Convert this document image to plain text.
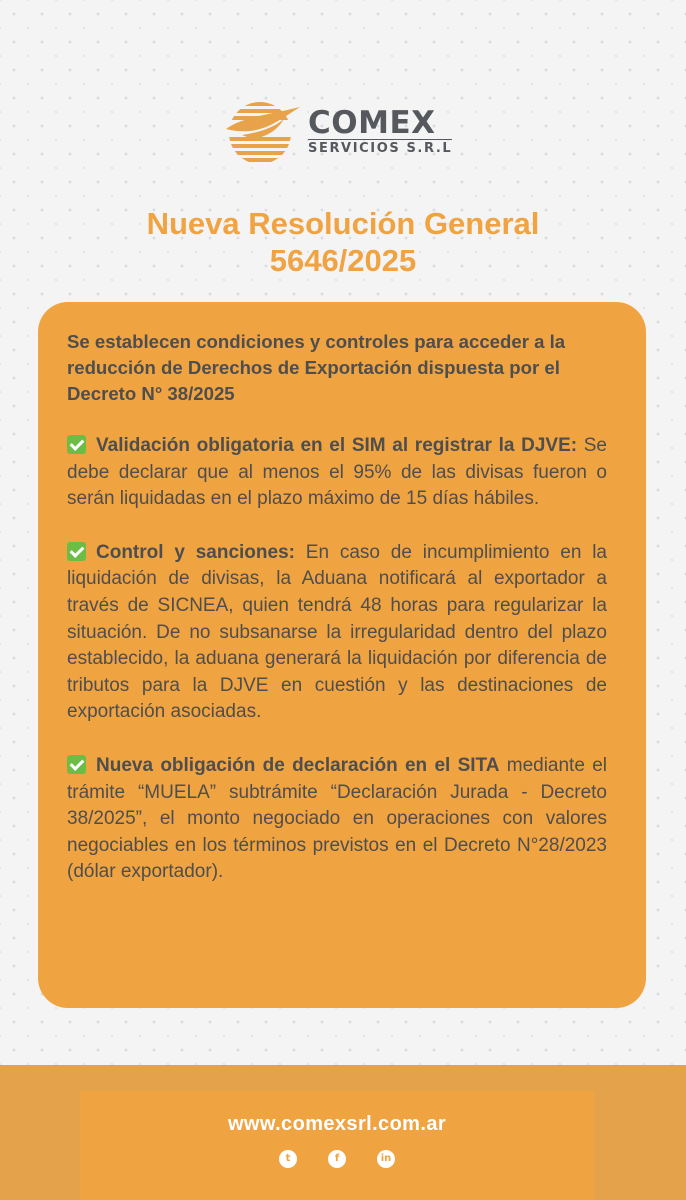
COMEX
SERVICIOS S.R.L
Nueva Resolución General
5646/2025

Se establecen condiciones y controles para acceder a la reducción de Derechos de Exportación dispuesta por el Decreto N° 38/2025

Validación obligatoria en el SIM al registrar la DJVE: Se debe declarar que al menos el 95% de las divisas fueron o serán liquidadas en el plazo máximo de 15 días hábiles.

Control y sanciones: En caso de incumplimiento en la liquidación de divisas, la Aduana notificará al exportador a través de SICNEA, quien tendrá 48 horas para regularizar la situación. De no subsanarse la irregularidad dentro del plazo establecido, la aduana generará la liquidación por diferencia de tributos para la DJVE en cuestión y las destinaciones de exportación asociadas.

Nueva obligación de declaración en el SITA mediante el trámite “MUELA” subtrámite “Declaración Jurada - Decreto 38/2025”, el monto negociado en operaciones con valores negociables en los términos previstos en el Decreto N°28/2023 (dólar exportador).

www.comexsrl.com.ar
t	f	in
